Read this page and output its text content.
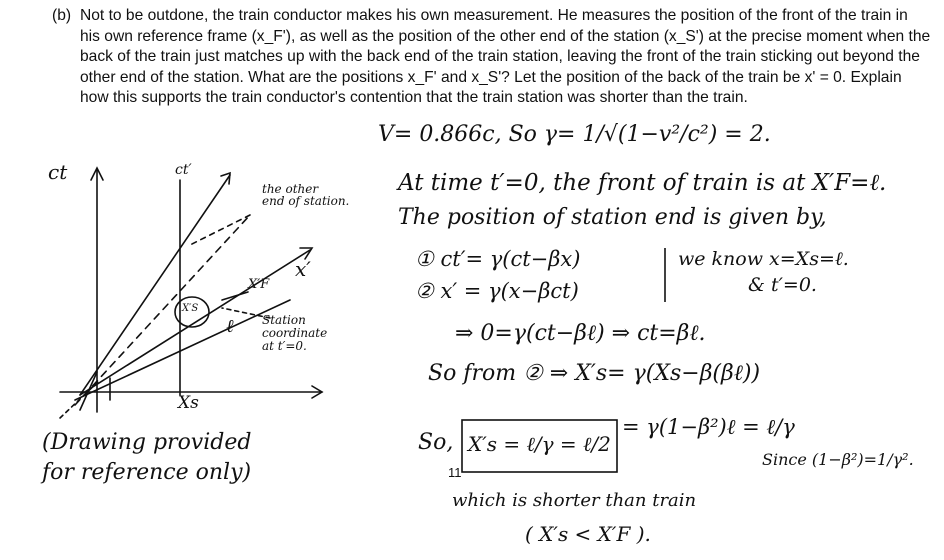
(b) Not to be outdone, the train conductor makes his own measurement. He measures the position of the front of the train in his own reference frame (x_F'), as well as the position of the other end of the station (x_S') at the precise moment when the back of the train just matches up with the back end of the train station, leaving the front of the train sticking out beyond the other end of the station. What are the positions x_F' and x_S'? Let the position of the back of the train be x' = 0. Explain how this supports the train conductor's contention that the train station was shorter than the train.
ct	ct′
the other
end of station.
x′
X′F
X′S
ℓ Station
coordinate
at t′=0.
Xs
(Drawing provided
for reference only)
V= 0.866c, So γ= 1/√(1−v²/c²) = 2.
At time t′=0, the front of train is at X′F=ℓ.
The position of station end is given by,
① ct′= γ(ct−βx)
② x′ = γ(x−βct)
we know x=Xs=ℓ.
& t′=0.
⇒ 0=γ(ct−βℓ) ⇒ ct=βℓ.
So from ② ⇒ X′s= γ(Xs−β(βℓ))
So, X′s = ℓ/γ = ℓ/2
= γ(1−β²)ℓ = ℓ/γ
Since (1−β²)=1/γ².
which is shorter than train
( X′s < X′F ).
11
